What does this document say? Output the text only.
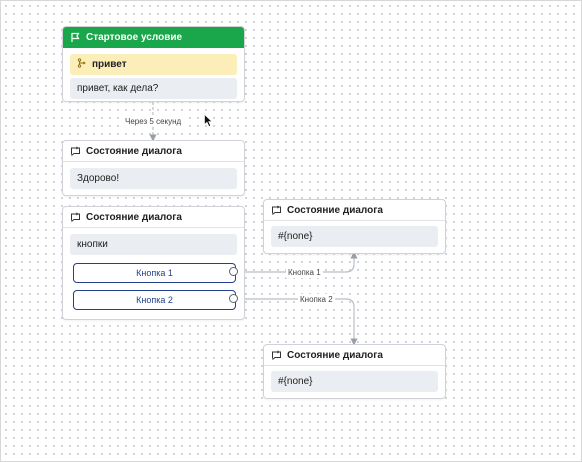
Стартовое условие
привет
привет, как дела?
Через 5 секунд
Состояние диалога
Здорово!
Состояние диалога
кнопки
Кнопка 1
Кнопка 2
Кнопка 1
Кнопка 2
Состояние диалога
#{none}
Состояние диалога
#{none}
